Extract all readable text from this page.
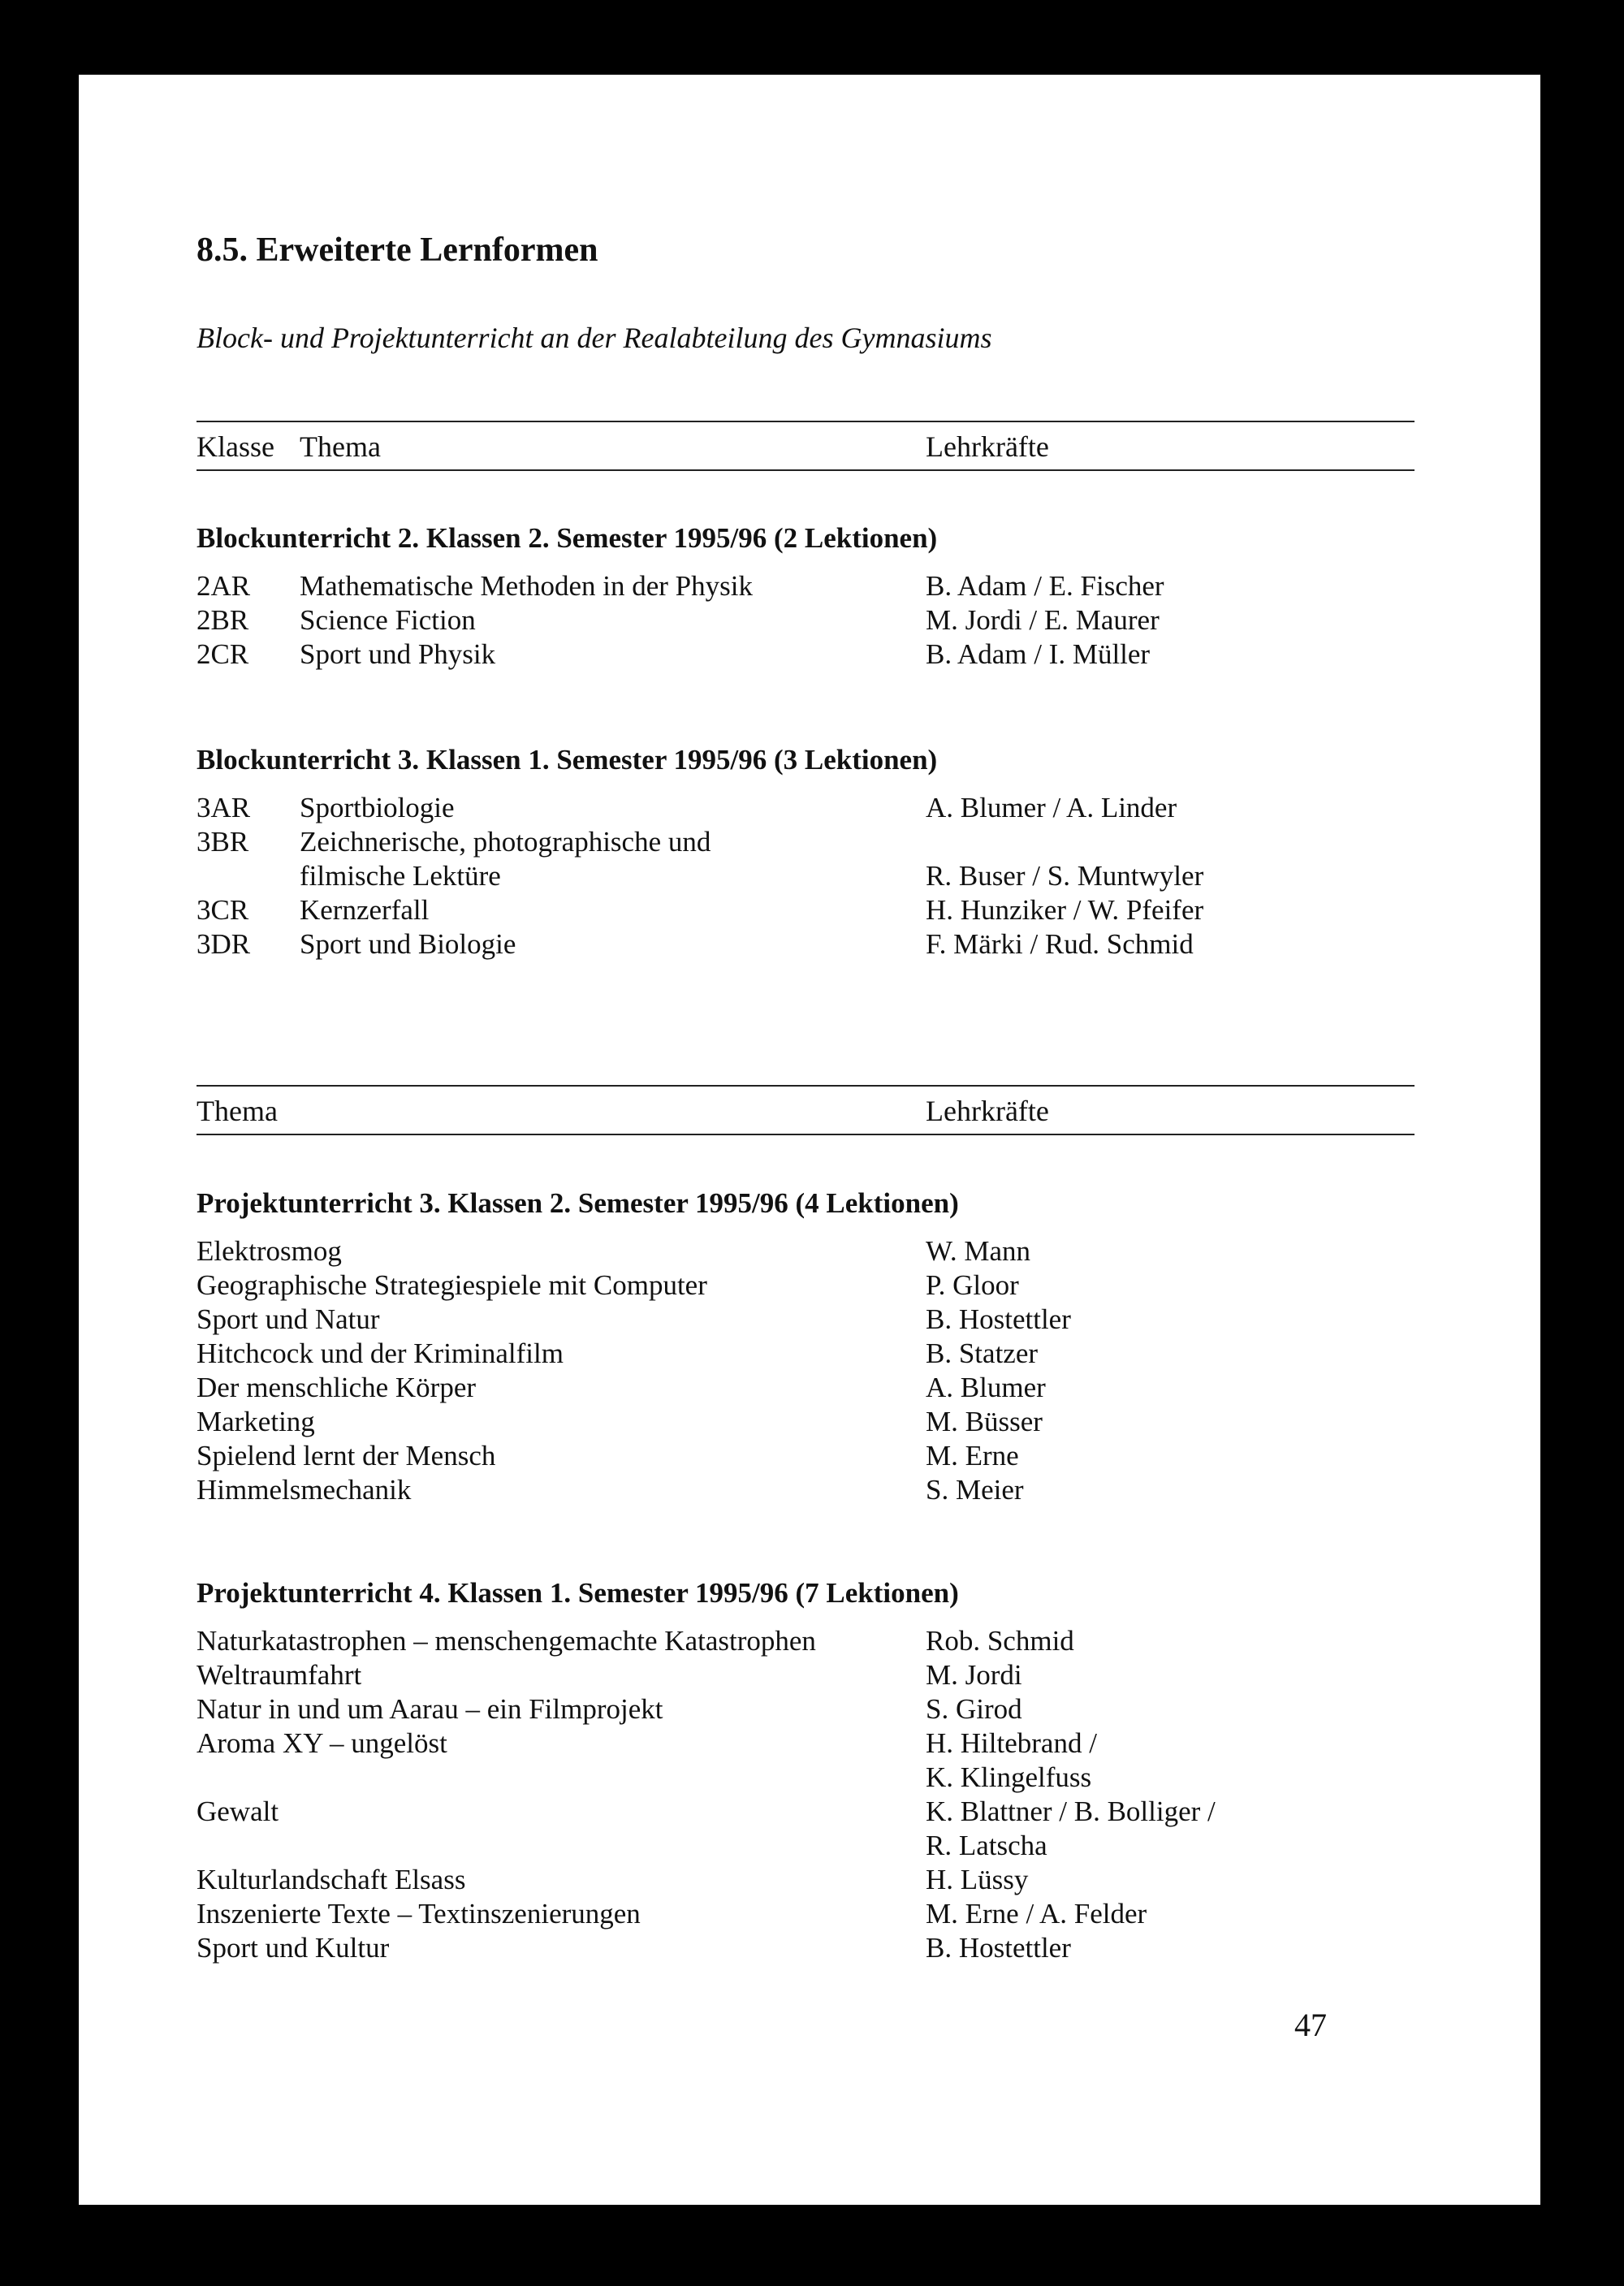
8.5. Erweiterte Lernformen
Block- und Projektunterricht an der Realabteilung des Gymnasiums
Klasse Thema	Lehrkräfte
Blockunterricht 2. Klassen 2. Semester 1995/96 (2 Lektionen)
2AR Mathematische Methoden in der Physik	B. Adam / E. Fischer
2BR Science Fiction	M. Jordi / E. Maurer
2CR Sport und Physik	B. Adam / I. Müller
Blockunterricht 3. Klassen 1. Semester 1995/96 (3 Lektionen)
3AR Sportbiologie	A. Blumer / A. Linder
3BR Zeichnerische, photographische und
filmische Lektüre	R. Buser / S. Muntwyler
3CR Kernzerfall	H. Hunziker / W. Pfeifer
3DR Sport und Biologie	F. Märki / Rud. Schmid
Thema	Lehrkräfte
Projektunterricht 3. Klassen 2. Semester 1995/96 (4 Lektionen)
Elektrosmog	W. Mann
Geographische Strategiespiele mit Computer	P. Gloor
Sport und Natur	B. Hostettler
Hitchcock und der Kriminalfilm	B. Statzer
Der menschliche Körper	A. Blumer
Marketing	M. Büsser
Spielend lernt der Mensch	M. Erne
Himmelsmechanik	S. Meier
Projektunterricht 4. Klassen 1. Semester 1995/96 (7 Lektionen)
Naturkatastrophen – menschengemachte Katastrophen	Rob. Schmid
Weltraumfahrt	M. Jordi
Natur in und um Aarau – ein Filmprojekt	S. Girod
Aroma XY – ungelöst	H. Hiltebrand /
K. Klingelfuss
Gewalt	K. Blattner / B. Bolliger /
R. Latscha
Kulturlandschaft Elsass	H. Lüssy
Inszenierte Texte – Textinszenierungen	M. Erne / A. Felder
Sport und Kultur	B. Hostettler
47
